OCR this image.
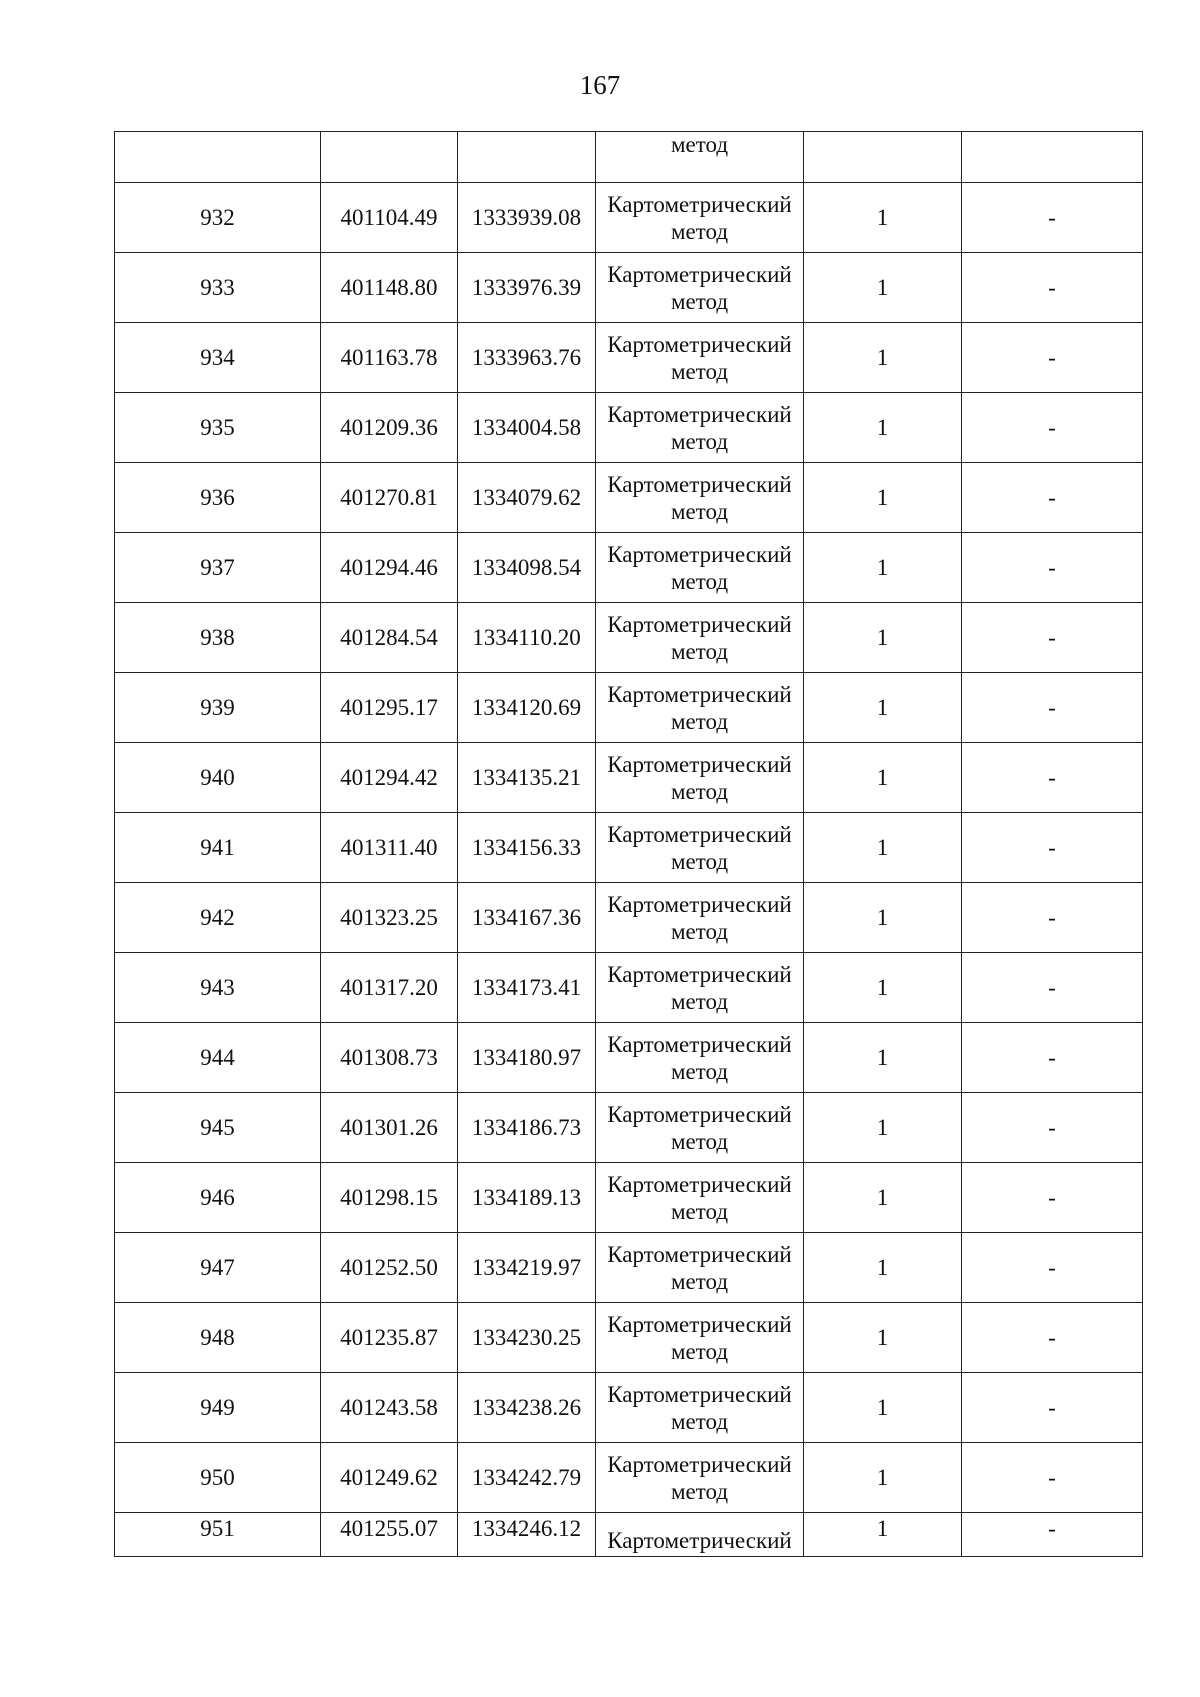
167
			метод		
932	401104.49	1333939.08	Картометрический
метод	1	-
933	401148.80	1333976.39	Картометрический
метод	1	-
934	401163.78	1333963.76	Картометрический
метод	1	-
935	401209.36	1334004.58	Картометрический
метод	1	-
936	401270.81	1334079.62	Картометрический
метод	1	-
937	401294.46	1334098.54	Картометрический
метод	1	-
938	401284.54	1334110.20	Картометрический
метод	1	-
939	401295.17	1334120.69	Картометрический
метод	1	-
940	401294.42	1334135.21	Картометрический
метод	1	-
941	401311.40	1334156.33	Картометрический
метод	1	-
942	401323.25	1334167.36	Картометрический
метод	1	-
943	401317.20	1334173.41	Картометрический
метод	1	-
944	401308.73	1334180.97	Картометрический
метод	1	-
945	401301.26	1334186.73	Картометрический
метод	1	-
946	401298.15	1334189.13	Картометрический
метод	1	-
947	401252.50	1334219.97	Картометрический
метод	1	-
948	401235.87	1334230.25	Картометрический
метод	1	-
949	401243.58	1334238.26	Картометрический
метод	1	-
950	401249.62	1334242.79	Картометрический
метод	1	-
951	401255.07	1334246.12	Картометрический	1	-
